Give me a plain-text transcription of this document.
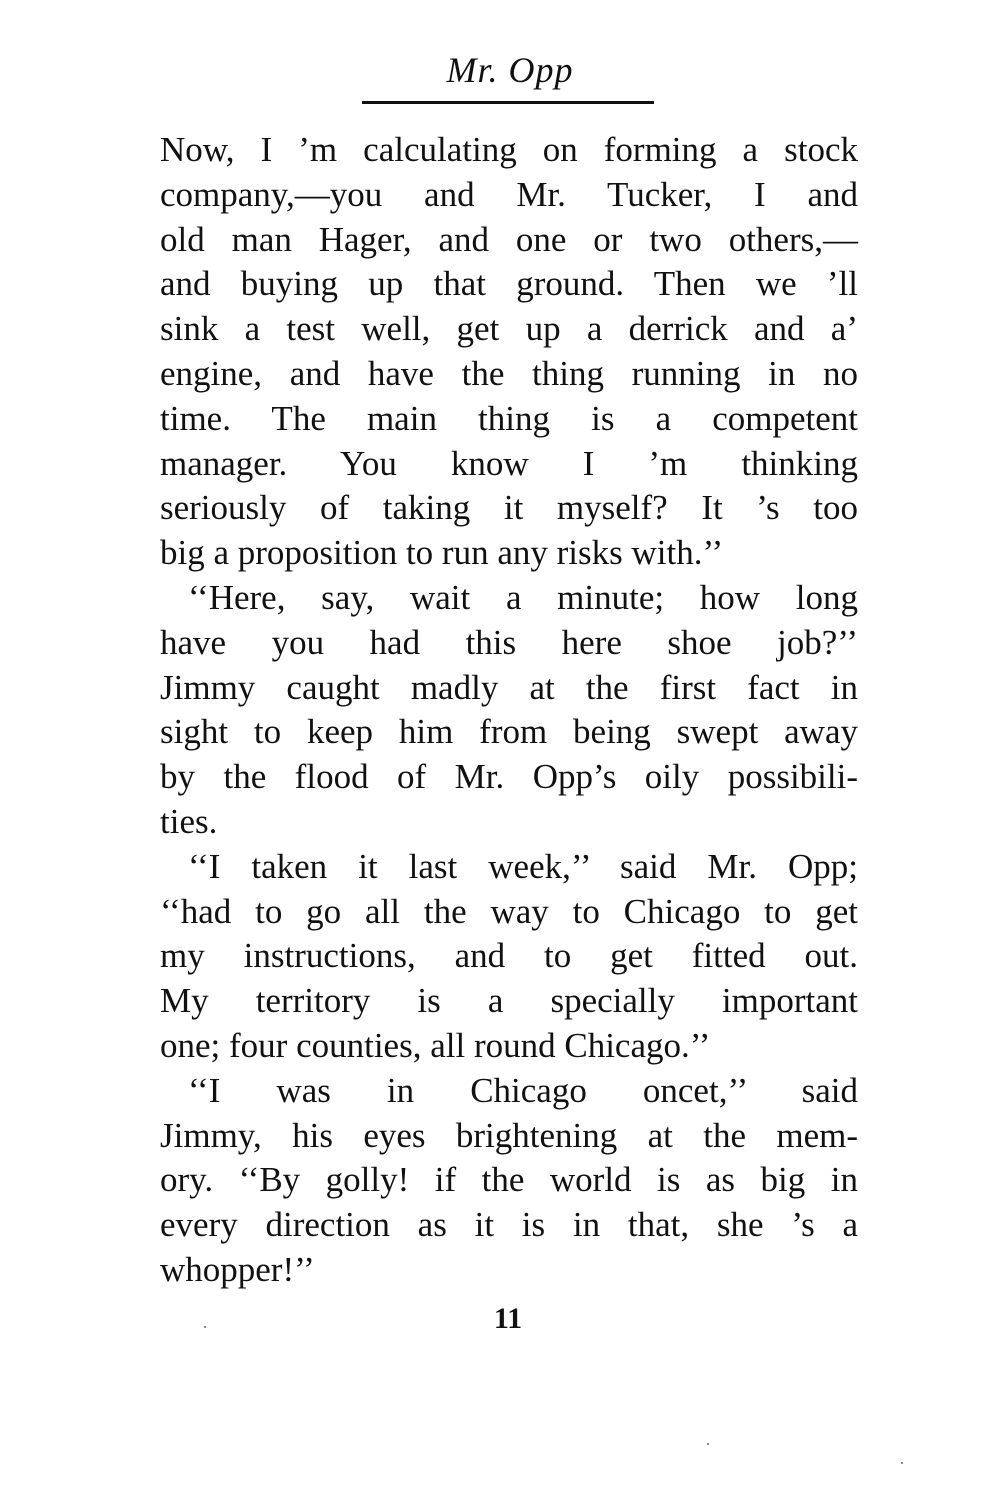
Mr. Opp
Now, I ’m calculating on forming a stock
company,—you and Mr. Tucker, I and
old man Hager, and one or two others,—
and buying up that ground. Then we ’ll
sink a test well, get up a derrick and a’
engine, and have the thing running in no
time. The main thing is a competent
manager. You know I ’m thinking
seriously of taking it myself? It ’s too
big a proposition to run any risks with.’’
‘‘Here, say, wait a minute; how long
have you had this here shoe job?’’
Jimmy caught madly at the first fact in
sight to keep him from being swept away
by the flood of Mr. Opp’s oily possibili-
ties.
‘‘I taken it last week,’’ said Mr. Opp;
‘‘had to go all the way to Chicago to get
my instructions, and to get fitted out.
My territory is a specially important
one; four counties, all round Chicago.’’
‘‘I was in Chicago oncet,’’ said
Jimmy, his eyes brightening at the mem-
ory. ‘‘By golly! if the world is as big in
every direction as it is in that, she ’s a
whopper!’’
11
